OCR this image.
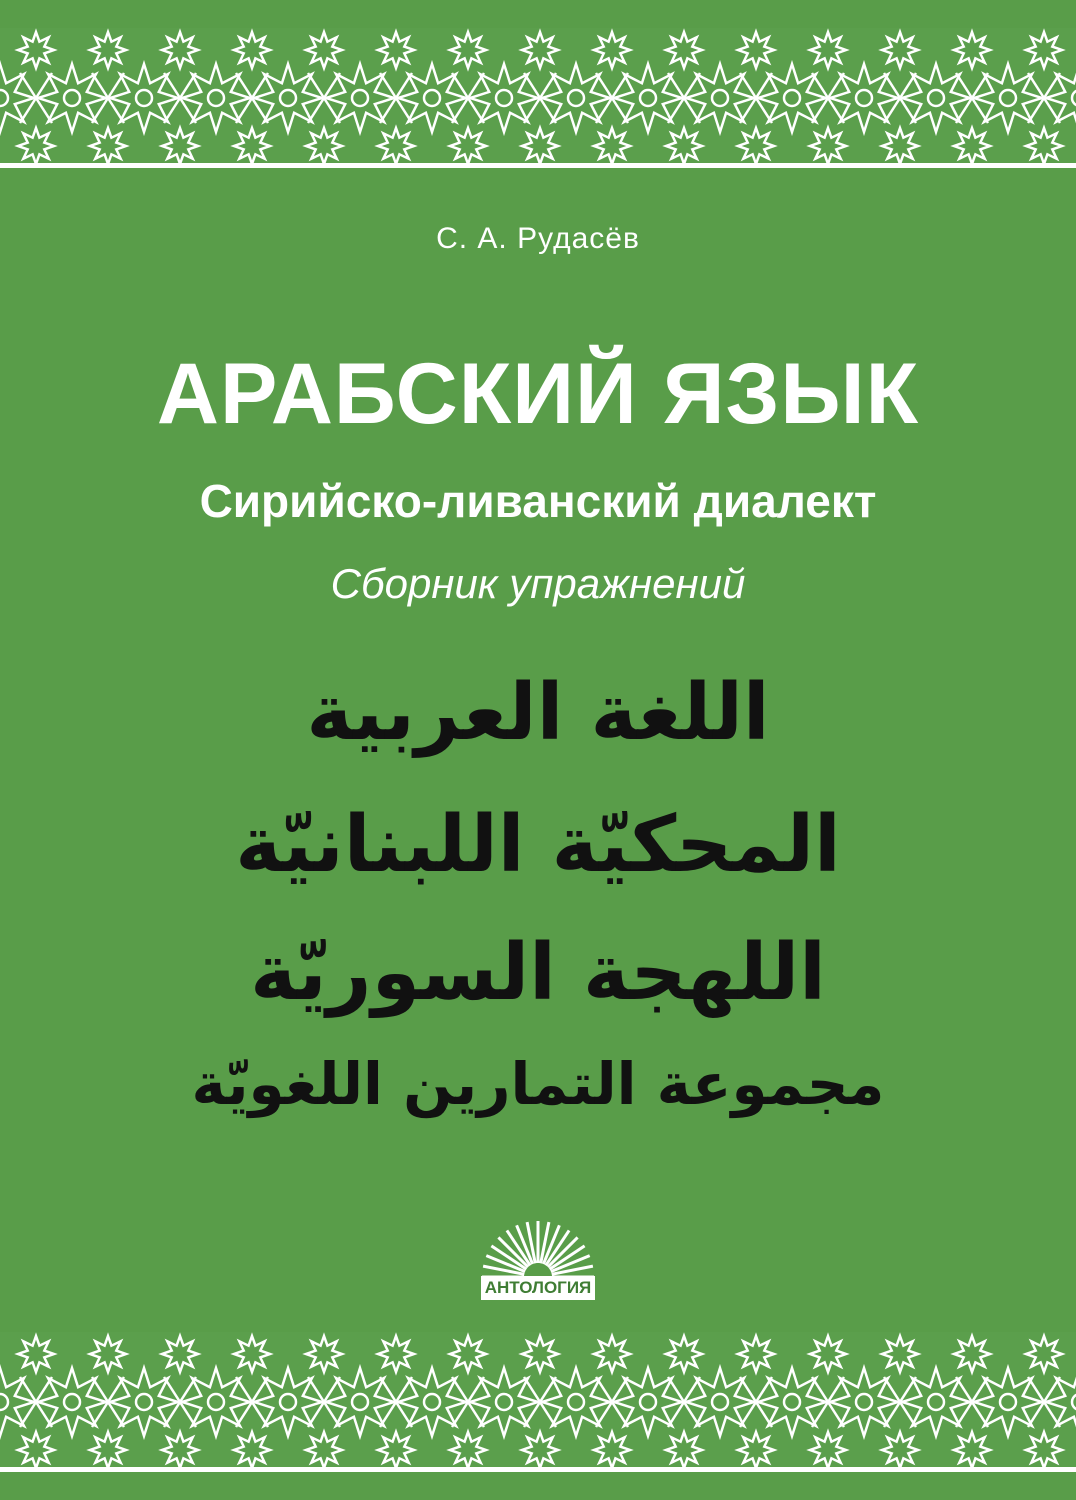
С. А. Рудасёв

АРАБСКИЙ ЯЗЫК

Сирийско-ливанский диалект

Сборник упражнений

اللغة العربية

المحكيّة اللبنانيّة

اللهجة السوريّة

مجموعة التمارين اللغويّة

АНТОЛОГИЯ
